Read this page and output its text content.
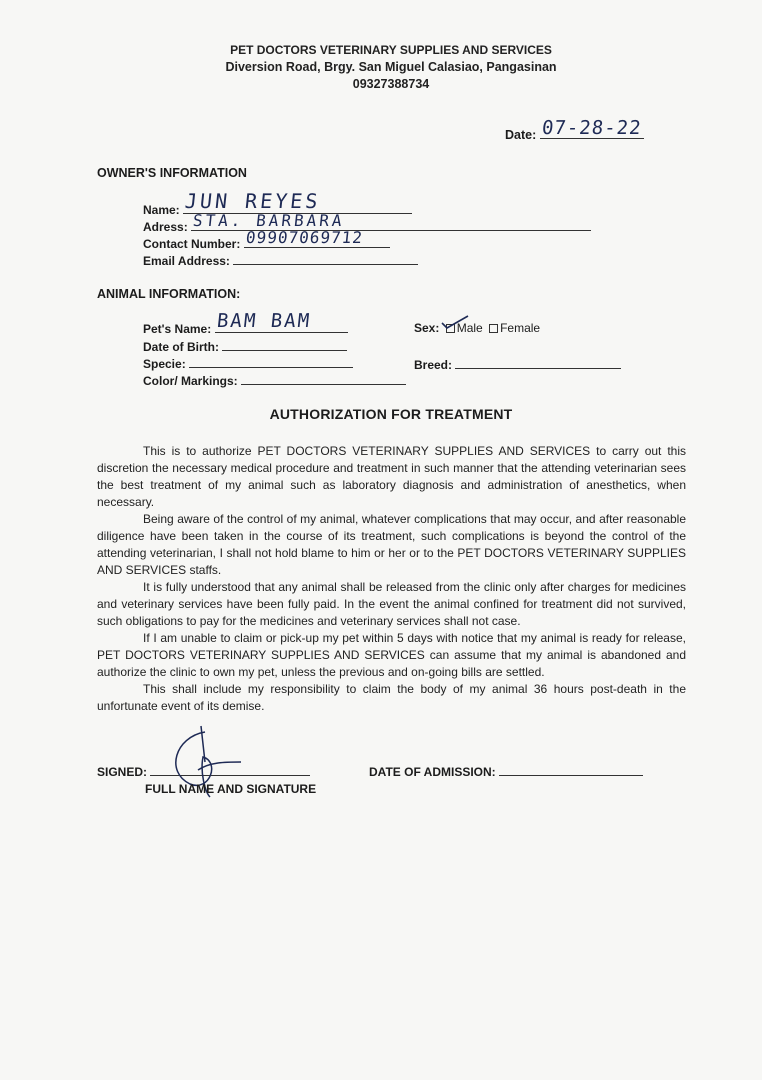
PET DOCTORS VETERINARY SUPPLIES AND SERVICES
Diversion Road, Brgy. San Miguel Calasiao, Pangasinan
09327388734
Date: 07-28-22
OWNER'S INFORMATION
Name: JUN REYES
Adress: STA. BARBARA
Contact Number: 09907069712
Email Address:
ANIMAL INFORMATION:
Pet's Name: BAM BAM
Date of Birth:
Specie:
Color/ Markings:
Sex: Male Female
Breed:
AUTHORIZATION FOR TREATMENT

This is to authorize PET DOCTORS VETERINARY SUPPLIES AND SERVICES to carry out this discretion the necessary medical procedure and treatment in such manner that the attending veterinarian sees the best treatment of my animal such as laboratory diagnosis and administration of anesthetics, when necessary.

Being aware of the control of my animal, whatever complications that may occur, and after reasonable diligence have been taken in the course of its treatment, such complications is beyond the control of the attending veterinarian, I shall not hold blame to him or her or to the PET DOCTORS VETERINARY SUPPLIES AND SERVICES staffs.

It is fully understood that any animal shall be released from the clinic only after charges for medicines and veterinary services have been fully paid. In the event the animal confined for treatment did not survived, such obligations to pay for the medicines and veterinary services shall not case.

If I am unable to claim or pick-up my pet within 5 days with notice that my animal is ready for release, PET DOCTORS VETERINARY SUPPLIES AND SERVICES can assume that my animal is abandoned and authorize the clinic to own my pet, unless the previous and on-going bills are settled.

This shall include my responsibility to claim the body of my animal 36 hours post-death in the unfortunate event of its demise.

SIGNED:
FULL NAME AND SIGNATURE
DATE OF ADMISSION:
